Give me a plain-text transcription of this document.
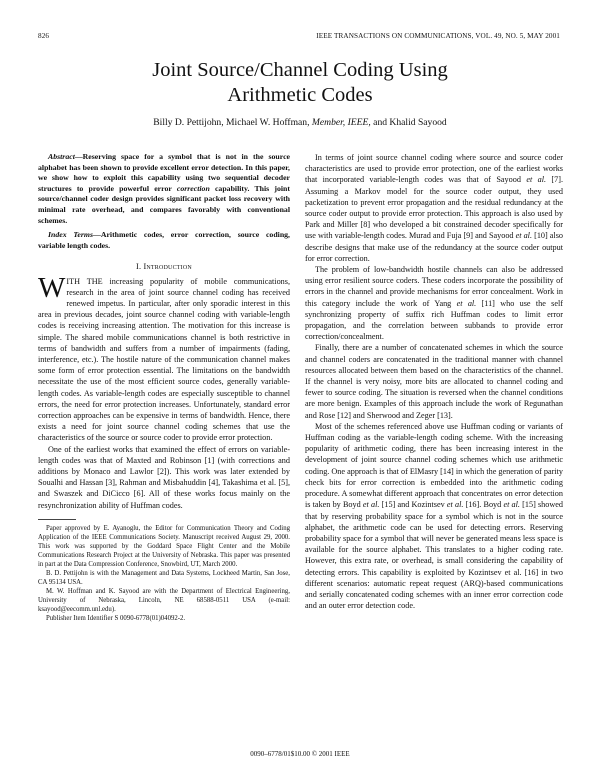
826	IEEE TRANSACTIONS ON COMMUNICATIONS, VOL. 49, NO. 5, MAY 2001
Joint Source/Channel Coding Using
Arithmetic Codes
Billy D. Pettijohn, Michael W. Hoffman, Member, IEEE, and Khalid Sayood

Abstract—Reserving space for a symbol that is not in the source alphabet has been shown to provide excellent error detection. In this paper, we show how to exploit this capability using two sequential decoder structures to provide powerful error correction capability. This joint source/channel coder design provides significant packet loss recovery with minimal rate overhead, and compares favorably with conventional schemes.

Index Terms—Arithmetic codes, error correction, source coding, variable length codes.

I. Introduction

WITH THE increasing popularity of mobile communications, research in the area of joint source channel coding has received renewed impetus. In particular, after only sporadic interest in this area in previous decades, joint source channel coding with variable-length codes is receiving increasing attention. The motivation for this increase is simple. The shared mobile communications channel is both restrictive in terms of bandwidth and suffers from a number of impairments (fading, interference, etc.). The hostile nature of the communication channel makes some form of error protection essential. The limitations on the bandwidth necessitate the use of the most efficient source codes, generally variable-length codes. As variable-length codes are especially susceptible to channel errors, the need for error protection increases. Unfortunately, standard error correction approaches can be expensive in terms of bandwidth. Hence, there exists a need for joint source channel coding schemes that use the characteristics of the source or source coder to provide error protection.

One of the earliest works that examined the effect of errors on variable-length codes was that of Maxted and Robinson [1] (with corrections and additions by Monaco and Lawlor [2]). This work was later extended by Soualhi and Hassan [3], Rahman and Misbahuddin [4], Takashima et al. [5], and Swaszek and DiCicco [6]. All of these works focus mainly on the resynchronization ability of Huffman codes.

Paper approved by E. Ayanoglu, the Editor for Communication Theory and Coding Application of the IEEE Communications Society. Manuscript received August 29, 2000. This work was supported by the Goddard Space Flight Center and the Mobile Communications Research Project at the University of Nebraska. This paper was presented in part at the Data Compression Conference, Snowbird, UT, March 2000.

B. D. Pettijohn is with the Management and Data Systems, Lockheed Martin, San Jose, CA 95134 USA.

M. W. Hoffman and K. Sayood are with the Department of Electrical Engineering, University of Nebraska, Lincoln, NE 68588-0511 USA (e-mail: ksayood@eecomm.unl.edu).

Publisher Item Identifier S 0090-6778(01)04092-2.

In terms of joint source channel coding where source and source coder characteristics are used to provide error protection, one of the earliest works that incorporated variable-length codes was that of Sayood et al. [7]. Assuming a Markov model for the source coder output, they used packetization to prevent error propagation and the residual redundancy at the source coder output to provide error protection. This approach is also used by Park and Miller [8] who developed a bit constrained decoder specifically for use with variable-length codes. Murad and Fuja [9] and Sayood et al. [10] also describe designs that make use of the redundancy at the source coder output for error correction.

The problem of low-bandwidth hostile channels can also be addressed using error resilient source coders. These coders incorporate the possibility of errors in the channel and provide mechanisms for error concealment. Work in this category include the work of Yang et al. [11] who use the self synchronizing property of suffix rich Huffman codes to limit error propagation, and the correlation between subbands to provide error correction/concealment.

Finally, there are a number of concatenated schemes in which the source and channel coders are concatenated in the traditional manner with channel resources allocated between them based on the characteristics of the channel. If the channel is very noisy, more bits are allocated to channel coding and fewer to source coding. The situation is reversed when the channel conditions are more benign. Examples of this approach include the work of Regunathan and Rose [12] and Sherwood and Zeger [13].

Most of the schemes referenced above use Huffman coding or variants of Huffman coding as the variable-length coding scheme. With the increasing popularity of arithmetic coding, there has been increasing interest in the development of joint source channel coding schemes which use arithmetic coding. One approach is that of ElMasry [14] in which the generation of parity check bits for error correction is embedded into the arithmetic coding procedure. A somewhat different approach that concentrates on error detection is taken by Boyd et al. [15] and Kozintsev et al. [16]. Boyd et al. [15] showed that by reserving probability space for a symbol which is not in the source alphabet, the arithmetic code can be used for detecting errors. Reserving probability space for a symbol that will never be generated means less space is available for the source alphabet. This translates to a higher coding rate. However, this extra rate, or overhead, is small considering the capability of detecting errors. This capability is exploited by Kozintsev et al. [16] in two different scenarios: automatic repeat request (ARQ)-based communications and serially concatenated coding schemes with an inner error correction code and an outer error detection code.

0090–6778/01$10.00 © 2001 IEEE
